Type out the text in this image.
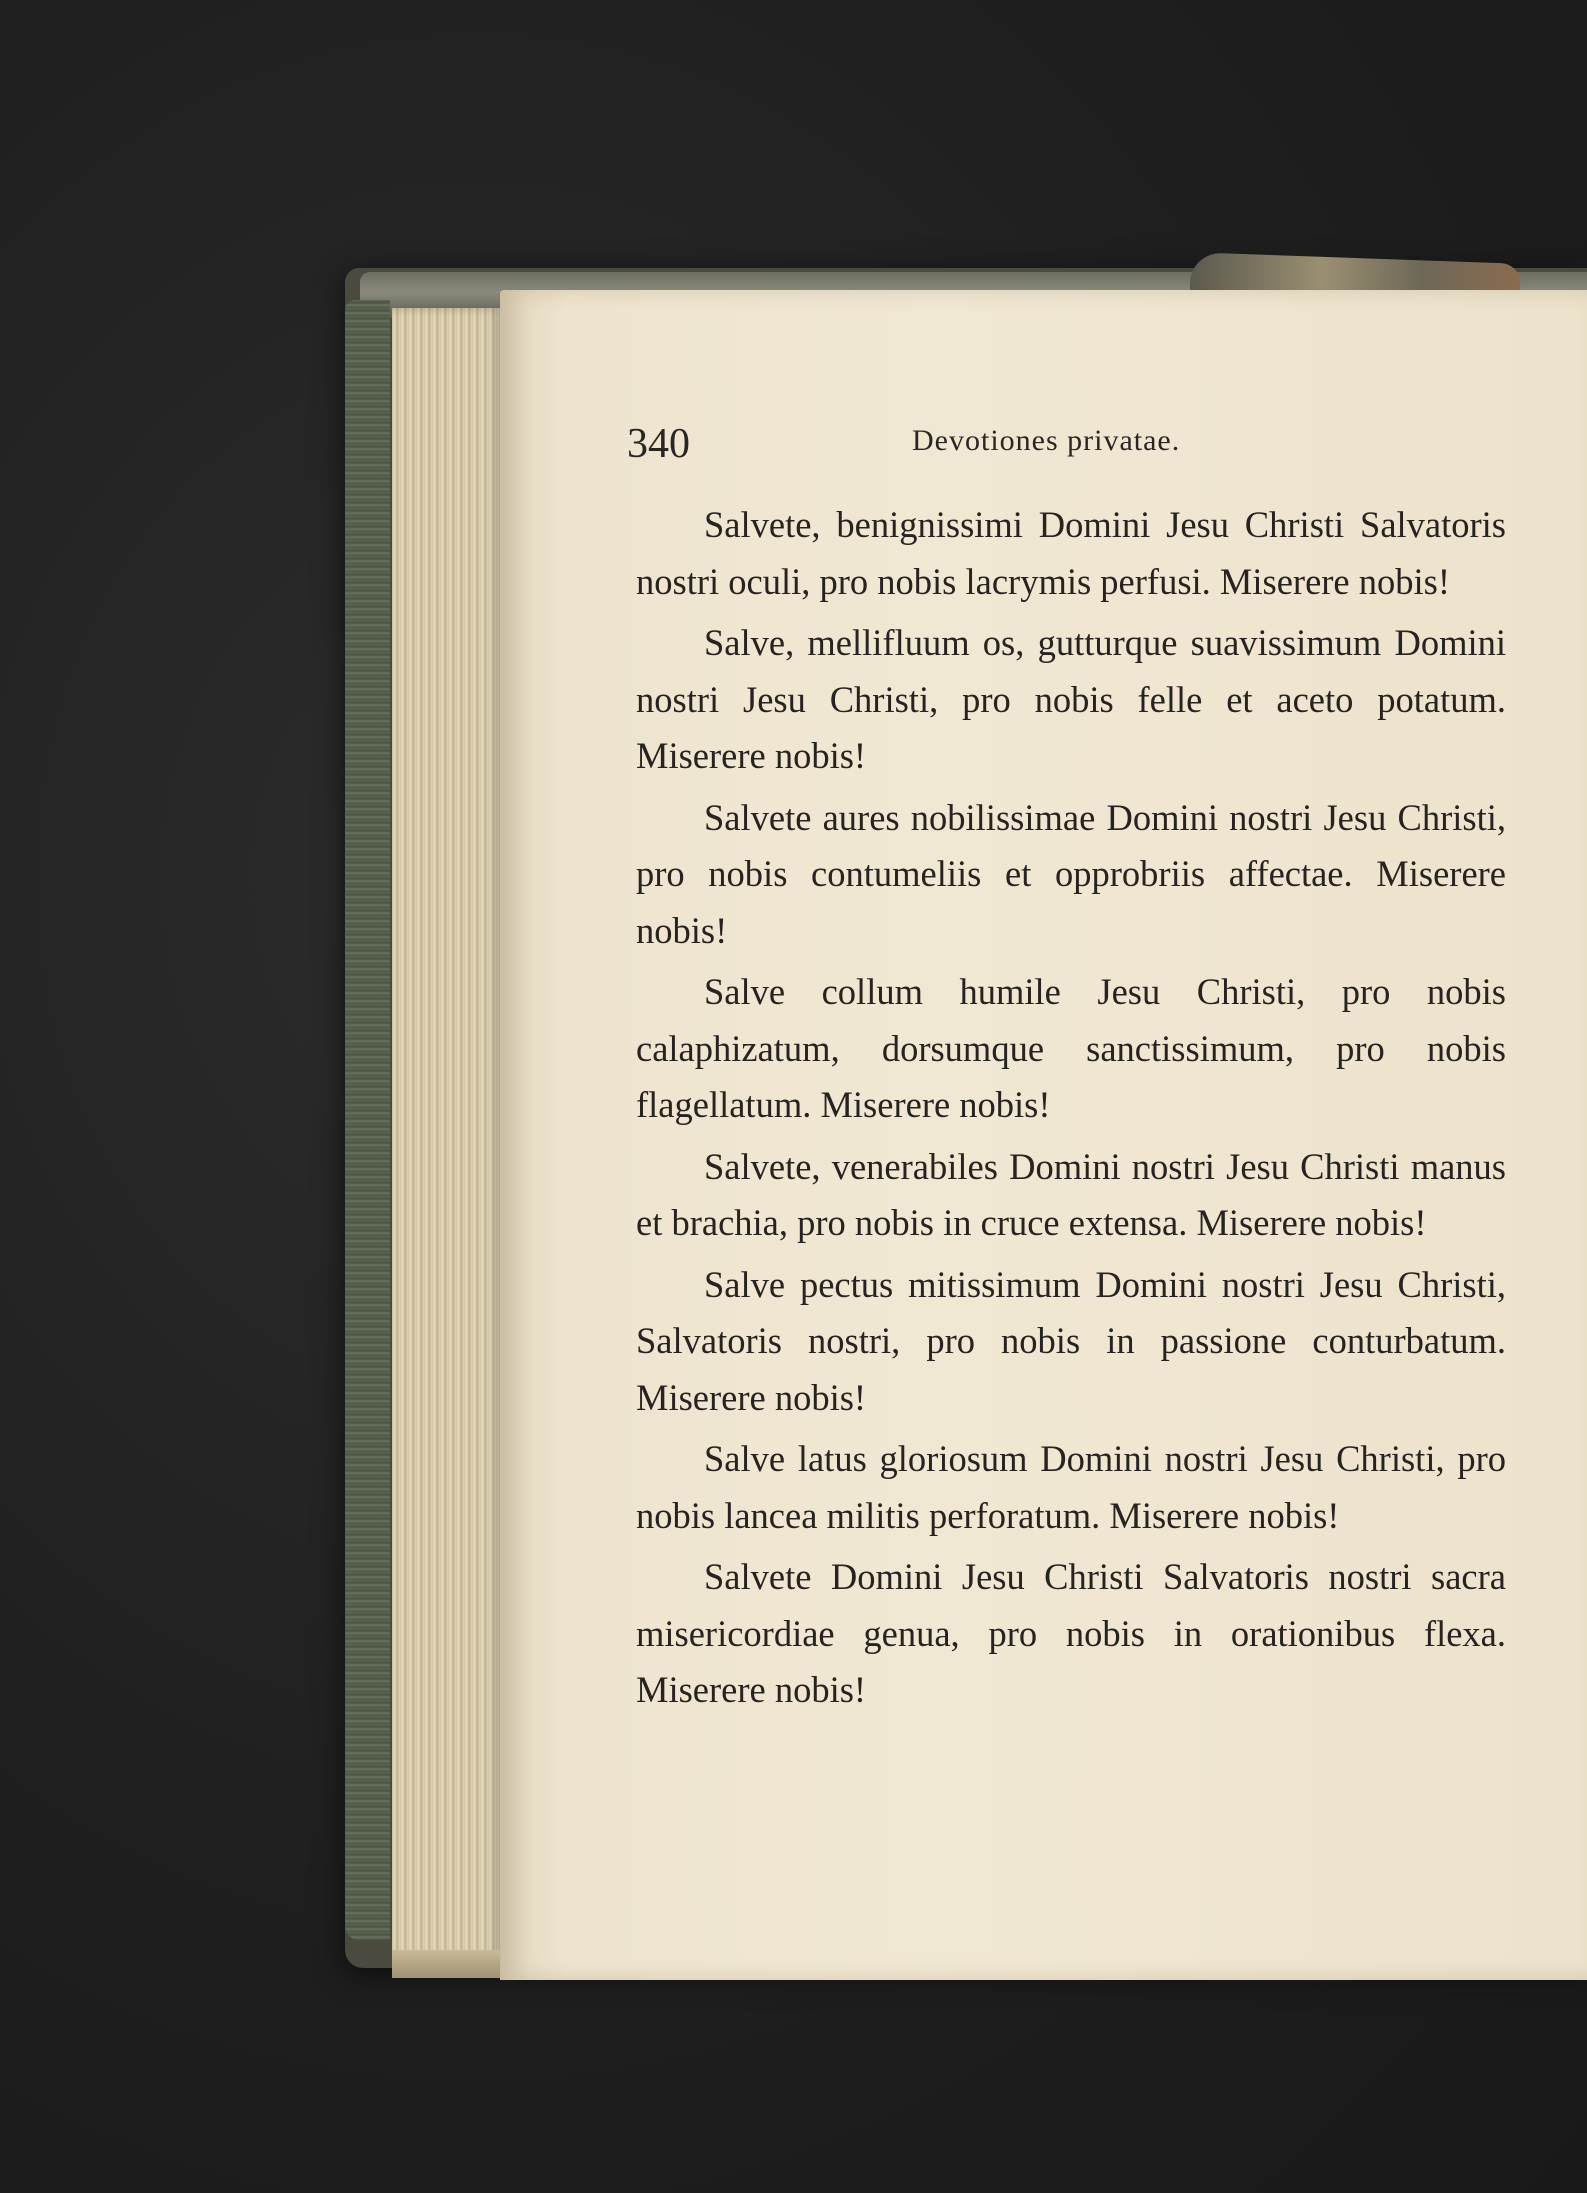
340	Devotiones privatae.

Salvete, benignissimi Domini Jesu Christi Salvatoris nostri oculi, pro nobis lacrymis perfusi. Miserere nobis!

Salve, mellifluum os, gutturque suavissimum Domini nostri Jesu Christi, pro nobis felle et aceto potatum. Miserere nobis!

Salvete aures nobilissimae Domini nostri Jesu Christi, pro nobis contumeliis et opprobriis affectae. Miserere nobis!

Salve collum humile Jesu Christi, pro nobis calaphizatum, dorsumque sanctissimum, pro nobis flagellatum. Miserere nobis!

Salvete, venerabiles Domini nostri Jesu Christi manus et brachia, pro nobis in cruce extensa. Miserere nobis!

Salve pectus mitissimum Domini nostri Jesu Christi, Salvatoris nostri, pro nobis in passione conturbatum. Miserere nobis!

Salve latus gloriosum Domini nostri Jesu Christi, pro nobis lancea militis perforatum. Miserere nobis!

Salvete Domini Jesu Christi Salvatoris nostri sacra misericordiae genua, pro nobis in orationibus flexa. Miserere nobis!
